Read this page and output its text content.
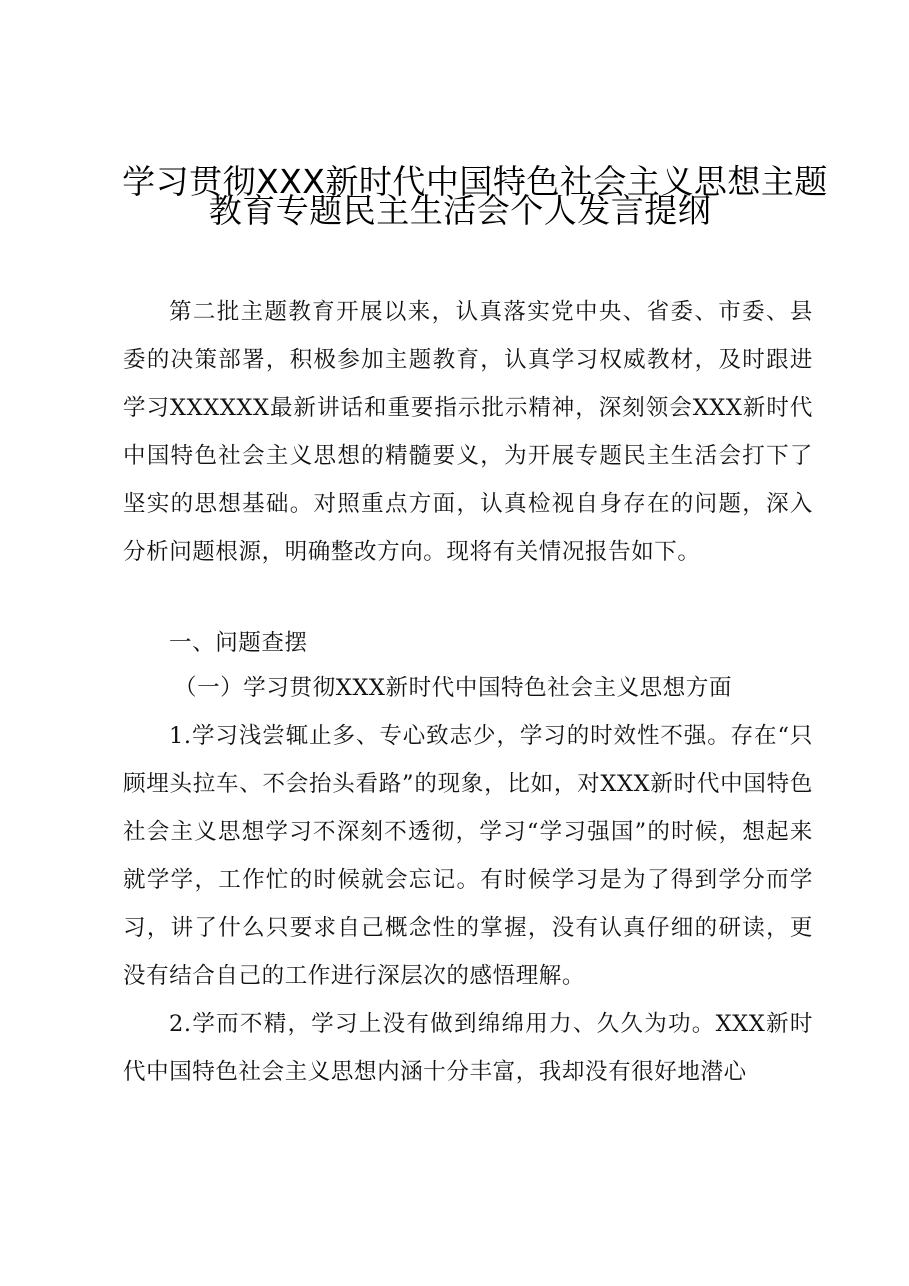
学习贯彻XXX新时代中国特色社会主义思想主题
教育专题民主生活会个人发言提纲

第二批主题教育开展以来，认真落实党中央、省委、市委、县委的决策部署，积极参加主题教育，认真学习权威教材，及时跟进学习XXXXXX最新讲话和重要指示批示精神，深刻领会XXX新时代中国特色社会主义思想的精髓要义，为开展专题民主生活会打下了坚实的思想基础。对照重点方面，认真检视自身存在的问题，深入分析问题根源，明确整改方向。现将有关情况报告如下。

一、问题查摆

（一）学习贯彻XXX新时代中国特色社会主义思想方面

1.学习浅尝辄止多、专心致志少，学习的时效性不强。存在“只顾埋头拉车、不会抬头看路”的现象，比如，对XXX新时代中国特色社会主义思想学习不深刻不透彻，学习“学习强国”的时候，想起来就学学，工作忙的时候就会忘记。有时候学习是为了得到学分而学习，讲了什么只要求自己概念性的掌握，没有认真仔细的研读，更没有结合自己的工作进行深层次的感悟理解。

2.学而不精，学习上没有做到绵绵用力、久久为功。XXX新时代中国特色社会主义思想内涵十分丰富，我却没有很好地潜心
